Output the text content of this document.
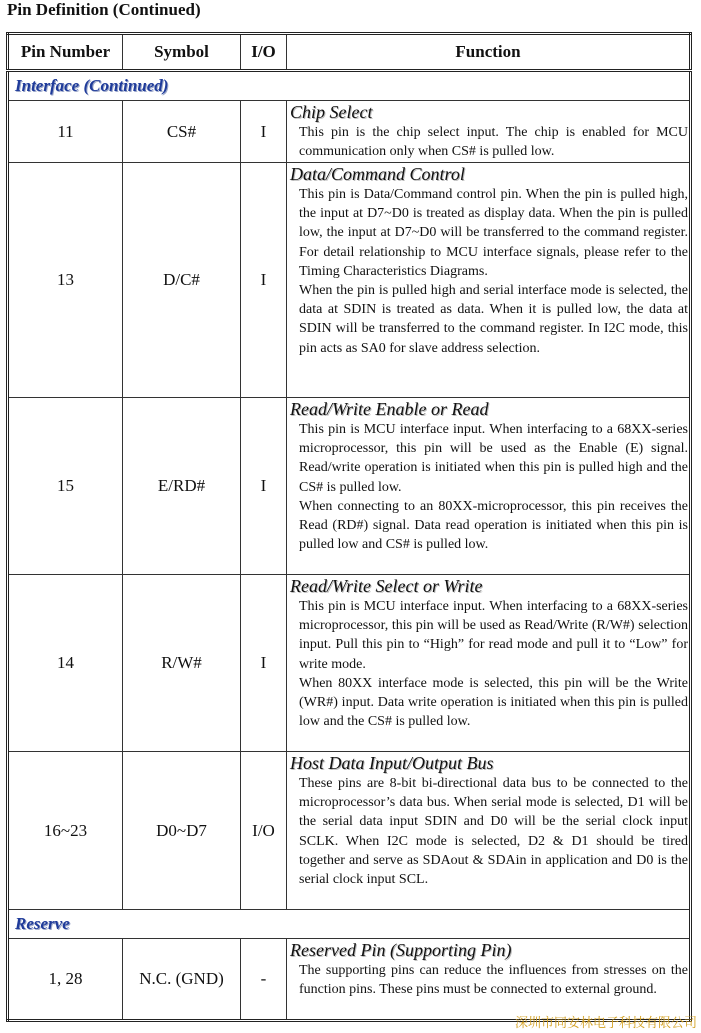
Pin Definition (Continued)
Pin Number	Symbol	I/O	Function
Interface (Continued)			
11	CS#	I	Chip Select
This pin is the chip select input. The chip is enabled for MCU communication only when CS# is pulled low.

13	D/C#	I	Data/Command Control
This pin is Data/Command control pin. When the pin is pulled high, the input at D7~D0 is treated as display data. When the pin is pulled low, the input at D7~D0 will be transferred to the command register. For detail relationship to MCU interface signals, please refer to the Timing Characteristics Diagrams.
When the pin is pulled high and serial interface mode is selected, the data at SDIN is treated as data. When it is pulled low, the data at SDIN will be transferred to the command register. In I2C mode, this pin acts as SA0 for slave address selection.

15	E/RD#	I	Read/Write Enable or Read
This pin is MCU interface input. When interfacing to a 68XX-series microprocessor, this pin will be used as the Enable (E) signal. Read/write operation is initiated when this pin is pulled high and the CS# is pulled low.
When connecting to an 80XX-microprocessor, this pin receives the Read (RD#) signal. Data read operation is initiated when this pin is pulled low and CS# is pulled low.

14	R/W#	I	Read/Write Select or Write
This pin is MCU interface input. When interfacing to a 68XX-series microprocessor, this pin will be used as Read/Write (R/W#) selection input. Pull this pin to “High” for read mode and pull it to “Low” for write mode.
When 80XX interface mode is selected, this pin will be the Write (WR#) input. Data write operation is initiated when this pin is pulled low and the CS# is pulled low.

16~23	D0~D7	I/O	Host Data Input/Output Bus
These pins are 8-bit bi-directional data bus to be connected to the microprocessor’s data bus. When serial mode is selected, D1 will be the serial data input SDIN and D0 will be the serial clock input SCLK. When I2C mode is selected, D2 & D1 should be tired together and serve as SDAout & SDAin in application and D0 is the serial clock input SCL.

Reserve			
1, 28	N.C. (GND)	-	Reserved Pin (Supporting Pin)
The supporting pins can reduce the influences from stresses on the function pins. These pins must be connected to external ground.
深圳市同安林电子科技有限公司
